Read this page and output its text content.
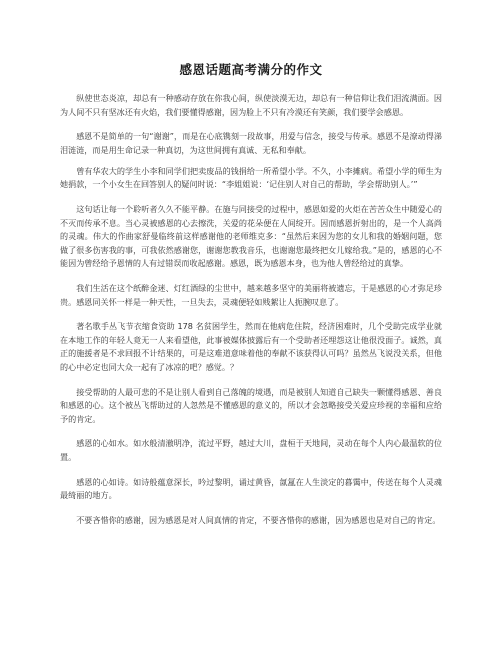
感恩话题高考满分的作文

纵使世态炎凉，却总有一种感动存放在你我心间，纵使淡漠无边，却总有一种信仰让我们泪流满面。因为人间不只有坚冰还有火焰，我们要懂得感谢，因为脸上不只有冷漠还有笑颜，我们要学会感恩。

感恩不是简单的一句“谢谢”，而是在心底镌刻一段故事，用爱与信念，接受与传承。感恩不是潦动得涕泪涟涟，而是用生命记录一种真切，为这世间拥有真诚、无私和奉献。

曾有华农大的学生小李和同学们把卖废品的钱捐给一所希望小学。不久，小李摊病。希望小学的师生为她捐款，一个小女生在回答别人的疑问时说：“李姐姐说：‘记住别人对自己的帮助，学会帮助别人。’”

这句话让每一个聆听者久久不能平静。在施与同接受的过程中，感恩如爱的火炬在苦苦众生中随爱心的不灭而传承不息。当心灵被感恩的心去擦洗，关爱的花朵便在人间绽开。因而感恩折射出的，是一个人高尚的灵魂。伟大的作曲家舒曼临终前这样感谢他的老师维克多：“虽然后来因为您的女儿和我的婚姻问题，您做了很多伤害我的事，可我依然感谢您，谢谢您教我音乐，也谢谢您最终把女儿嫁给我。”是的，感恩的心不能因为曾经给予恩情的人有过错误而收起感谢。感恩，既为感恩本身，也为他人曾经给过的真挚。

我们生活在这个纸醉金迷、灯红酒绿的尘世中，越来越多坚守的美丽将被遗忘，于是感恩的心才弥足珍贵。感恩同关怀一样是一种天性，一旦失去，灵魂便轻如贱絮让人扼腕叹息了。

著名歌手丛飞节衣缩食资助 178 名贫困学生，然而在他病危住院，经济困难时，几个受助完成学业就在本地工作的年轻人竟无一人来看望他，此事被媒体披露后有一个受助者还埋怨这让他很没面子。诚然，真正的施援者是不求回报不计结果的，可是这难道意味着他的奉献不该获得认可吗？虽然丛飞说没关系，但他的心中必定也同大众一起有了冰凉的吧？感觉。？

接受帮助的人最可悲的不是让别人看到自己落魄的境遇，而是被别人知道自己缺失一颗懂得感恩、善良和感恩的心。这个被丛飞帮助过的人忽然是不懂感恩的意义的，所以才会忽略接受关爱应珍视的幸福和应给予的肯定。

感恩的心如水。如水般清澈明净，流过平野，越过大川，盘桓于天地间，灵动在每个人内心最温软的位置。

感恩的心如诗。如诗般蕴意深长，吟过黎明，诵过黄昏，氤氲在人生淡定的暮霭中，传送在每个人灵魂最绮丽的地方。

不要吝惜你的感谢，因为感恩是对人间真情的肯定，不要吝惜你的感谢，因为感恩也是对自己的肯定。
